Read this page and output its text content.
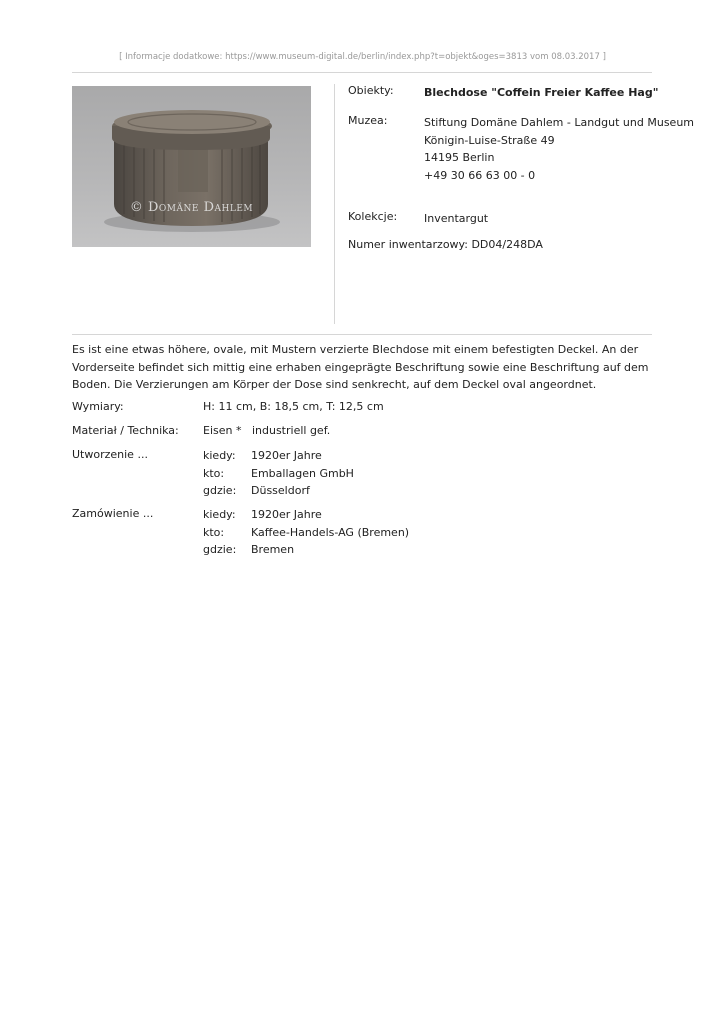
[ Informacje dodatkowe: https://www.museum-digital.de/berlin/index.php?t=objekt&oges=3813 vom 08.03.2017 ]
© Domäne Dahlem
Obiekty:	Blechdose "Coffein Freier Kaffee Hag"
Muzea:	Stiftung Domäne Dahlem - Landgut und Museum
Königin-Luise-Straße 49
14195 Berlin
+49 30 66 63 00 - 0
Kolekcje: Inventargut
Numer inwentarzowy: DD04/248DA
Es ist eine etwas höhere, ovale, mit Mustern verzierte Blechdose mit einem befestigten Deckel. An der Vorderseite befindet sich mittig eine erhaben eingeprägte Beschriftung sowie eine Beschriftung auf dem Boden. Die Verzierungen am Körper der Dose sind senkrecht, auf dem Deckel oval angeordnet.
Wymiary:	H: 11 cm, B: 18,5 cm, T: 12,5 cm
Materiał / Technika: Eisen *   industriell gef.
Utworzenie ...	kiedy: 1920er Jahre
kto: Emballagen GmbH
gdzie: Düsseldorf
Zamówienie ...	kiedy: 1920er Jahre
kto: Kaffee-Handels-AG (Bremen)
gdzie: Bremen
